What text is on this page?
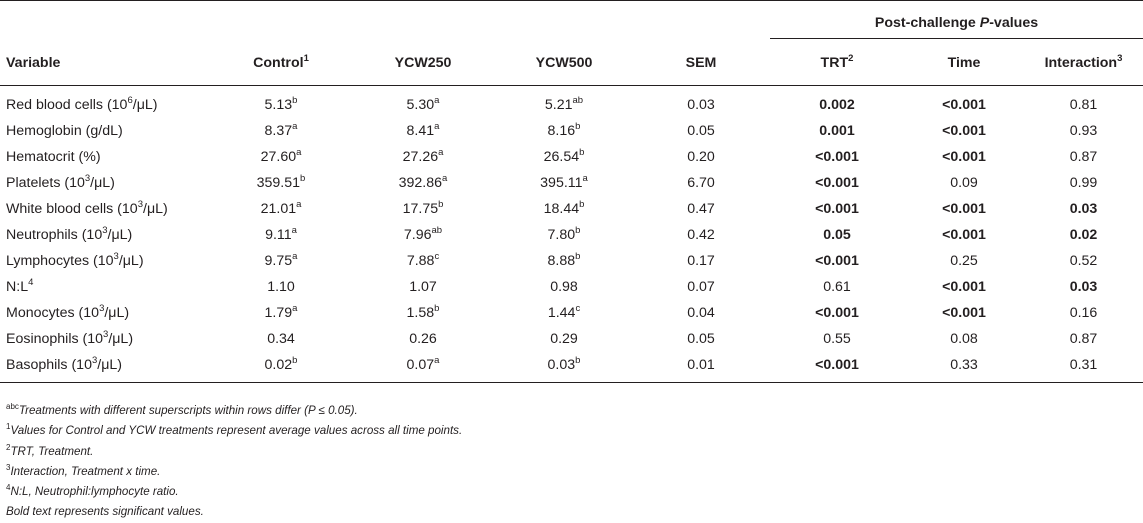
					Post-challenge P-values		
Variable	Control$^1$	YCW250	YCW500	SEM	TRT$^2$	Time	Interaction$^3$
Red blood cells $(10^6/\mu L)$	5.13$^b$	5.30$^a$	5.21$^{ab}$	0.03	0.002	<0.001	0.81
Hemoglobin (g/dL)	8.37$^a$	8.41$^a$	8.16$^b$	0.05	0.001	<0.001	0.93
Hematocrit (%)	27.60$^a$	27.26$^a$	26.54$^b$	0.20	<0.001	<0.001	0.87
Platelets $(10^3/\mu L)$	359.51$^b$	392.86$^a$	395.11$^a$	6.70	<0.001	0.09	0.99
White blood cells $(10^3/\mu L)$	21.01$^a$	17.75$^b$	18.44$^b$	0.47	<0.001	<0.001	0.03
Neutrophils $(10^3/\mu L)$	9.11$^a$	7.96$^{ab}$	7.80$^b$	0.42	0.05	<0.001	0.02
Lymphocytes $(10^3/\mu L)$	9.75$^a$	7.88$^c$	8.88$^b$	0.17	<0.001	0.25	0.52
$N:L^4$	1.10	1.07	0.98	0.07	0.61	<0.001	0.03
Monocytes $(10^3/\mu L)$	1.79$^a$	1.58$^b$	1.44$^c$	0.04	<0.001	<0.001	0.16
Eosinophils $(10^3/\mu L)$	0.34	0.26	0.29	0.05	0.55	0.08	0.87
Basophils $(10^3/\mu L)$	0.02$^b$	0.07$^a$	0.03$^b$	0.01	<0.001	0.33	0.31
$^{abc}$Treatments with different superscripts within rows differ (P ≤ 0.05).
$^1$Values for Control and YCW treatments represent average values across all time points.
$^2$TRT, Treatment.
$^3$Interaction, Treatment x time.
$^4$N:L, Neutrophil:lymphocyte ratio.
Bold text represents significant values.
